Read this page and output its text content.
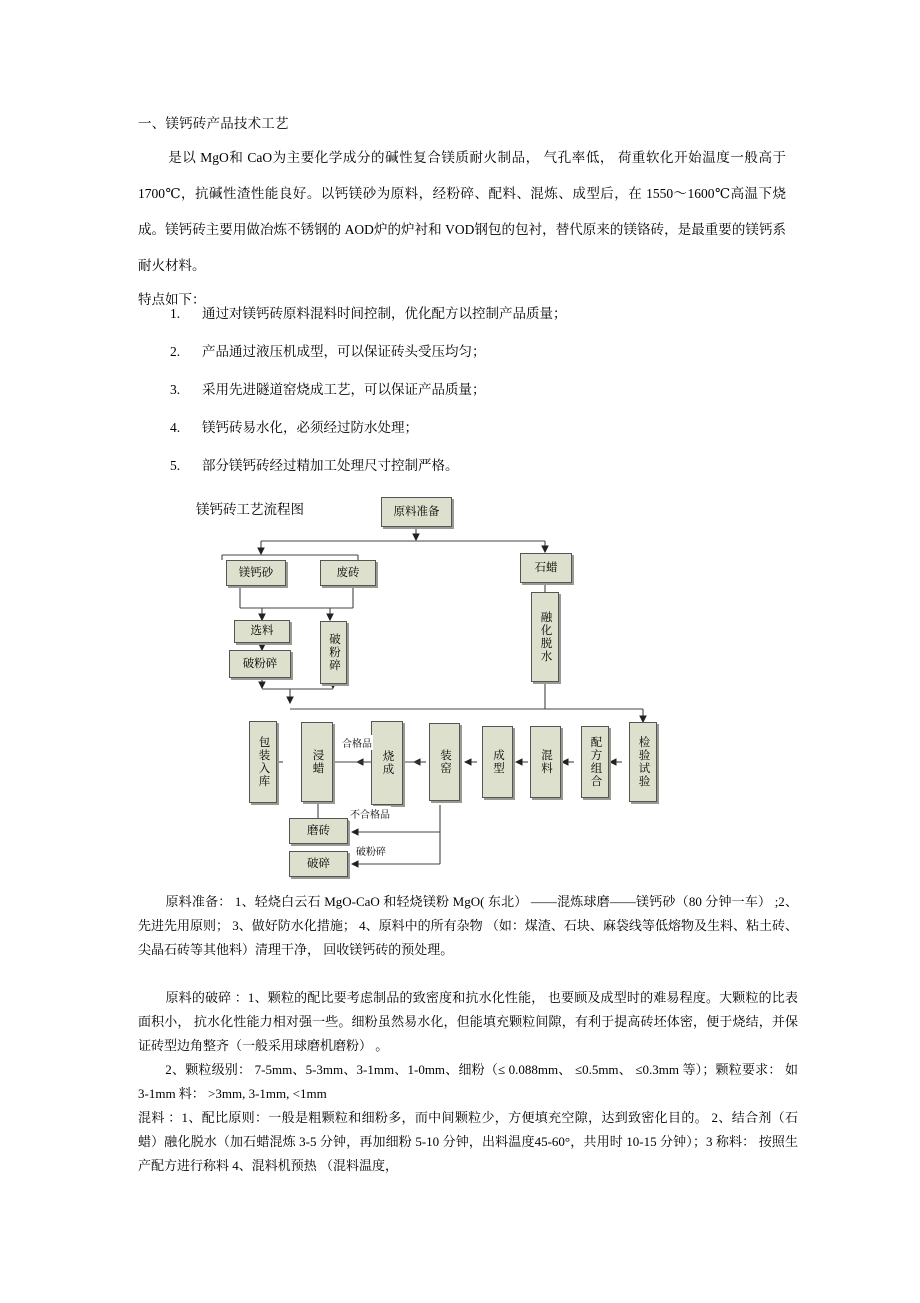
一、镁钙砖产品技术工艺
是以 MgO和 CaO为主要化学成分的碱性复合镁质耐火制品， 气孔率低， 荷重软化开始温度一般高于 1700℃，抗碱性渣性能良好。以钙镁砂为原料，经粉碎、配料、混炼、成型后，在 1550～1600℃高温下烧成。镁钙砖主要用做冶炼不锈钢的 AOD炉的炉衬和 VOD钢包的包衬，替代原来的镁铬砖，是最重要的镁钙系耐火材料。
特点如下：
1. 通过对镁钙砖原料混料时间控制，优化配方以控制产品质量；
2. 产品通过液压机成型，可以保证砖头受压均匀；
3. 采用先进隧道窑烧成工艺，可以保证产品质量；
4. 镁钙砖易水化，必须经过防水处理；
5. 部分镁钙砖经过精加工处理尺寸控制严格。
镁钙砖工艺流程图	原料准备
镁钙砂	废砖	石蜡
选料
破粉碎	破粉碎	融化脱水
检验试验
配方组合
混料
成型
装窑
烧成
浸蜡
包装入库
磨砖
破碎
合格品
不合格品
破粉碎
原料准备： 1、轻烧白云石 MgO-CaO 和轻烧镁粉 MgO( 东北） ——混炼球磨——镁钙砂（80 分钟一车） ;2、先进先用原则； 3、做好防水化措施； 4、原料中的所有杂物 （如：煤渣、石块、麻袋线等低熔物及生料、粘土砖、尖晶石砖等其他料）清理干净， 回收镁钙砖的预处理。
原料的破碎 ：1、颗粒的配比要考虑制品的致密度和抗水化性能， 也要顾及成型时的难易程度。大颗粒的比表面积小， 抗水化性能力相对强一些。细粉虽然易水化，但能填充颗粒间隙，有利于提高砖坯体密，便于烧结，并保证砖型边角整齐（一般采用球磨机磨粉） 。
2、颗粒级别： 7-5mm、5-3mm、3-1mm、1-0mm、细粉（≤ 0.088mm、 ≤0.5mm、 ≤0.3mm 等）；颗粒要求： 如 3-1mm 料： >3mm, 3-1mm, <1mm
混料 ：1、配比原则：一般是粗颗粒和细粉多，而中间颗粒少，方便填充空隙，达到致密化目的。 2、结合剂（石蜡）融化脱水（加石蜡混炼 3-5 分钟，再加细粉 5-10 分钟，出料温度45-60°，共用时 10-15 分钟）；3 称料： 按照生产配方进行称料 4、混料机预热 （混料温度，
